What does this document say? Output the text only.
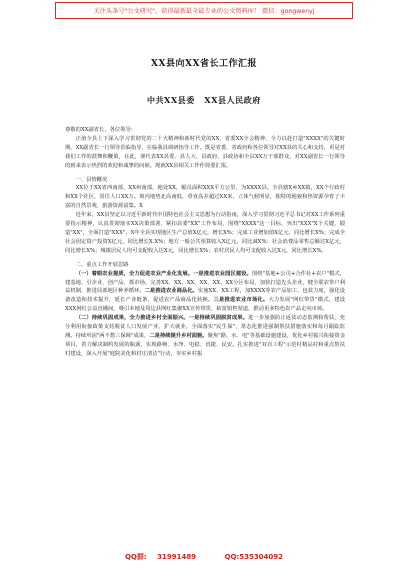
关注头条号"公文研究"，获得最新最全最专业的公文资料库！ 微信：gongwenyj
XX县向XX省长工作汇报
中共XX县委 XX县人民政府

尊敬的XX副省长，各位领导：

正值全县上下深入学习贯彻党的二十大精神和新时代党的XX、省委XX全会精神，全力以赴打造"XXXX"的关键时期，XX副省长一行领导莅临指导，在临我县调研指导工作。既是省委、省政府和各位领导对XX县的关心和支持，更是对我们工作的鼓舞和鞭策，在此，谨代表XX县委、县人大、县政府、县政协和全县XX万干部群众，对XX副省长一行领导的到来表示热烈的欢迎和诚挚的问候。现就XX县相关工作作简要汇报。

一、县情概况

XX位于XX省西南部、XX州南部，地处XX，幅员面积XXX平方公里，为XXXX县。全县辖X乡XX镇，XX个行政村和XX个社区，常住人口XX万。境内地势北高南低，垂直高差超过XX米，立体气候明显，独特的地貌和热资源孕育了丰富的自然景观，旅游资源富集。X

近年来，XX县坚定以习近平新时代中国特色社会主义思想为行动指南，深入学习贯彻习近平总书记对XX工作系列重要指示精神，认真贯彻落实XX决策部署，紧扣县委"XX"工作布局，围绕"XXXX"这一目标，突出"XXX"X个关键，锻造"XX"，全面打造"XXX"，X年全县实现地区生产总值X亿元，增长X%；完成工业增加值X亿元，同比增长X%；完成全社会固定资产投资X亿元，同比增长X.X%；地方一般公共预算收入X亿元，同比减X%；社会消费品零售总额达X亿元，同比增长X%；城镇居民人均可支配收入达X元，同比增长X%；农村居民人均可支配收入达X元，同比增长X%。

二、重点工作开展思路

（一）着眼农业提质，全力促进农业产业化发展。一是推进农业园区建设。围绕"基地+公司+合作社+农户"模式，建基地、引企业、创产品、抓市场，完善XX、XX、XX、XX、XX、XX分区布局，加快打造先头企业，健全联农带户利益机制，推进局部地区种养循环。二是推进农业商品化。实施XX、XX工程，加XXXX等农产品加工、包装力度，强化设备改造和技术提升，延长产业链条，促进农产品商品化转换。三是推进农业市场化。大力发展"网红带货"模式，建设XXX网红公益直播间，吸引本地及周边县网红集聚XX宣传带货，拓宽销售渠道，推动更多特色农产品走向市场。

（二）持续巩固成果，全力推进乡村全面振兴。一是持续巩固脱贫成果。进一步加强防止返贫动态监测和帮扶，充分利用衔接政策支持脱贫人口发展产业、扩大就业，全面落实"民生保"，常态化推进强制帮扶措施落实和每月跟踪监测。持续巩固"两不愁三保障"成果，二是持续提升乡村面貌。聚焦"路、水、电"等基础设施建设，优化乡村振兴衔接资金项目，着力解决制约发展的瓶颈，实现路畅、水净、电稳、讯捷、民安。扎实推进"双百工程"示范村精品村和重点帮扶村建设，深入开展"庭院美化和村庄清洁"行动，夯实乡村振

QQ群: 31991489	QQ:535304092
